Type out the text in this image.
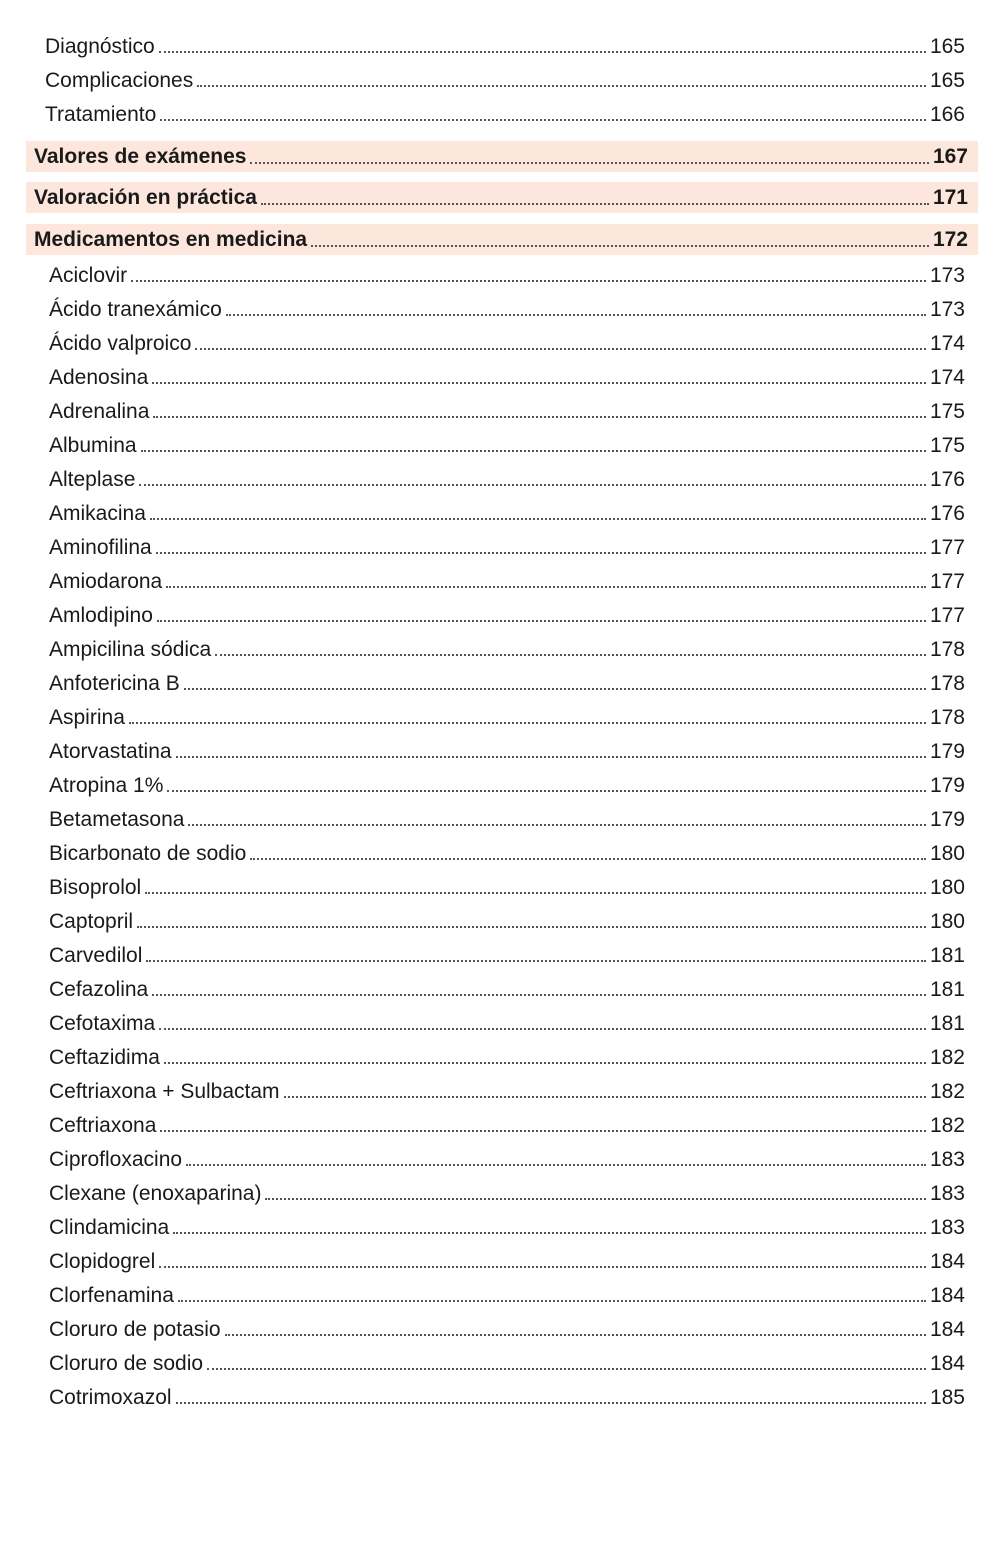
Diagnóstico	165
Complicaciones	165
Tratamiento	166
Valores de exámenes	167
Valoración en práctica	171
Medicamentos en medicina	172
Aciclovir	173
Ácido tranexámico	173
Ácido valproico	174
Adenosina	174
Adrenalina	175
Albumina	175
Alteplase	176
Amikacina	176
Aminofilina	177
Amiodarona	177
Amlodipino	177
Ampicilina sódica	178
Anfotericina B	178
Aspirina	178
Atorvastatina	179
Atropina 1%	179
Betametasona	179
Bicarbonato de sodio	180
Bisoprolol	180
Captopril	180
Carvedilol	181
Cefazolina	181
Cefotaxima	181
Ceftazidima	182
Ceftriaxona + Sulbactam	182
Ceftriaxona	182
Ciprofloxacino	183
Clexane (enoxaparina)	183
Clindamicina	183
Clopidogrel	184
Clorfenamina	184
Cloruro de potasio	184
Cloruro de sodio	184
Cotrimoxazol	185
